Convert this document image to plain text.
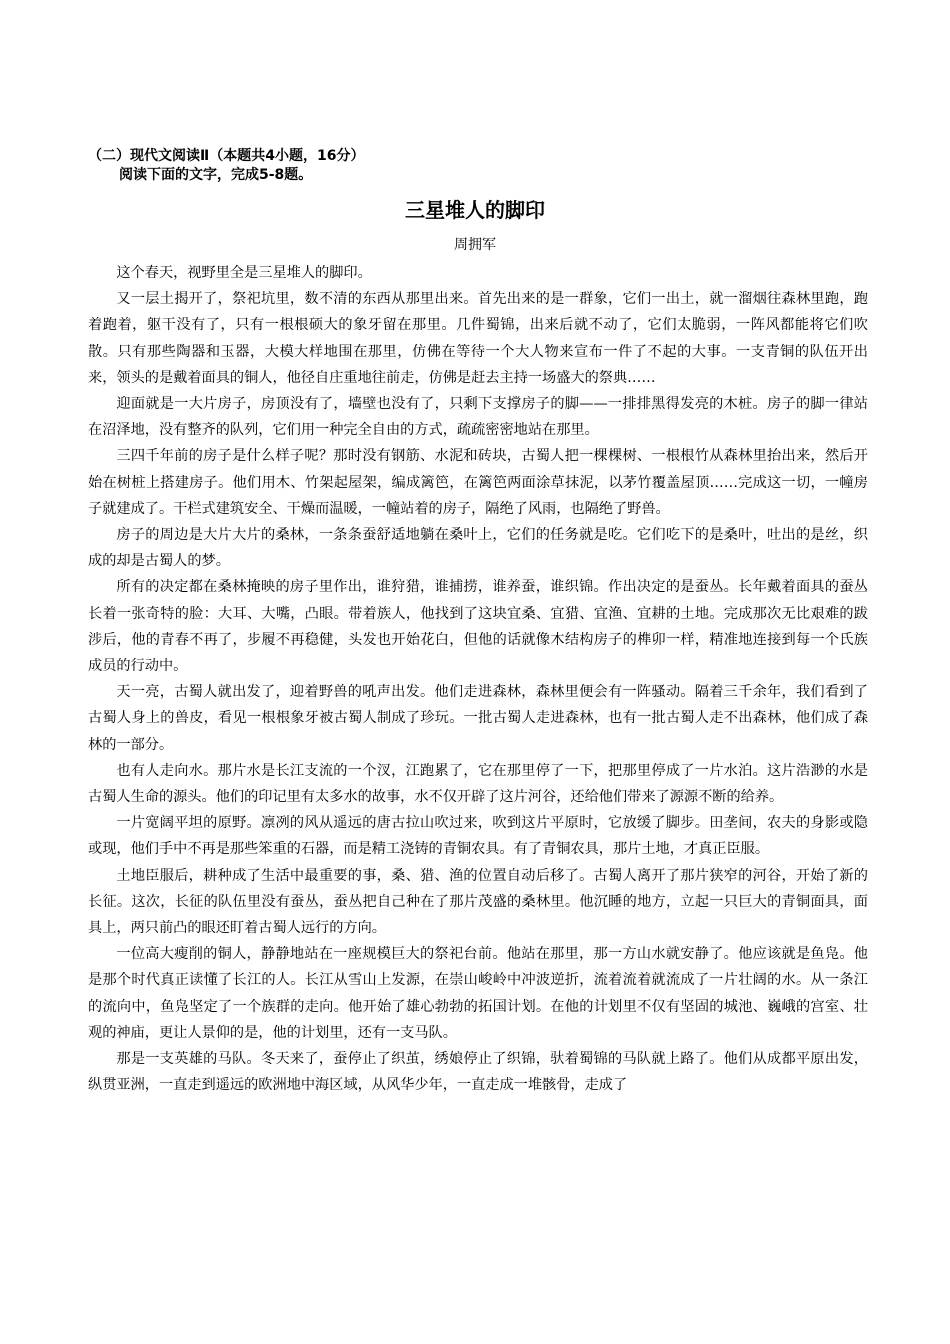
（二）现代文阅读Ⅱ（本题共4小题，16分）
阅读下面的文字，完成5-8题。
三星堆人的脚印
周拥军

这个春天，视野里全是三星堆人的脚印。

又一层土揭开了，祭祀坑里，数不清的东西从那里出来。首先出来的是一群象，它们一出土，就一溜烟往森林里跑，跑着跑着，躯干没有了，只有一根根硕大的象牙留在那里。几件蜀锦，出来后就不动了，它们太脆弱，一阵风都能将它们吹散。只有那些陶器和玉器，大模大样地围在那里，仿佛在等待一个大人物来宣布一件了不起的大事。一支青铜的队伍开出来，领头的是戴着面具的铜人，他径自庄重地往前走，仿佛是赶去主持一场盛大的祭典……

迎面就是一大片房子，房顶没有了，墙壁也没有了，只剩下支撑房子的脚——一排排黑得发亮的木桩。房子的脚一律站在沼泽地，没有整齐的队列，它们用一种完全自由的方式，疏疏密密地站在那里。

三四千年前的房子是什么样子呢？那时没有钢筋、水泥和砖块，古蜀人把一棵棵树、一根根竹从森林里抬出来，然后开始在树桩上搭建房子。他们用木、竹架起屋架，编成篱笆，在篱笆两面涂草抹泥，以茅竹覆盖屋顶……完成这一切，一幢房子就建成了。干栏式建筑安全、干燥而温暖，一幢站着的房子，隔绝了风雨，也隔绝了野兽。

房子的周边是大片大片的桑林，一条条蚕舒适地躺在桑叶上，它们的任务就是吃。它们吃下的是桑叶，吐出的是丝，织成的却是古蜀人的梦。

所有的决定都在桑林掩映的房子里作出，谁狩猎，谁捕捞，谁养蚕，谁织锦。作出决定的是蚕丛。长年戴着面具的蚕丛长着一张奇特的脸：大耳、大嘴，凸眼。带着族人，他找到了这块宜桑、宜猎、宜渔、宜耕的土地。完成那次无比艰难的跋涉后，他的青春不再了，步履不再稳健，头发也开始花白，但他的话就像木结构房子的榫卯一样，精准地连接到每一个氏族成员的行动中。

天一亮，古蜀人就出发了，迎着野兽的吼声出发。他们走进森林，森林里便会有一阵骚动。隔着三千余年，我们看到了古蜀人身上的兽皮，看见一根根象牙被古蜀人制成了珍玩。一批古蜀人走进森林，也有一批古蜀人走不出森林，他们成了森林的一部分。

也有人走向水。那片水是长江支流的一个汊，江跑累了，它在那里停了一下，把那里停成了一片水泊。这片浩渺的水是古蜀人生命的源头。他们的印记里有太多水的故事，水不仅开辟了这片河谷，还给他们带来了源源不断的给养。

一片宽阔平坦的原野。凛冽的风从遥远的唐古拉山吹过来，吹到这片平原时，它放缓了脚步。田垄间，农夫的身影或隐或现，他们手中不再是那些笨重的石器，而是精工浇铸的青铜农具。有了青铜农具，那片土地，才真正臣服。

土地臣服后，耕种成了生活中最重要的事，桑、猎、渔的位置自动后移了。古蜀人离开了那片狭窄的河谷，开始了新的长征。这次，长征的队伍里没有蚕丛，蚕丛把自己种在了那片茂盛的桑林里。他沉睡的地方，立起一只巨大的青铜面具，面具上，两只前凸的眼还盯着古蜀人远行的方向。

一位高大瘦削的铜人，静静地站在一座规模巨大的祭祀台前。他站在那里，那一方山水就安静了。他应该就是鱼凫。他是那个时代真正读懂了长江的人。长江从雪山上发源，在崇山峻岭中冲波逆折，流着流着就流成了一片壮阔的水。从一条江的流向中，鱼凫坚定了一个族群的走向。他开始了雄心勃勃的拓国计划。在他的计划里不仅有坚固的城池、巍峨的宫室、壮观的神庙，更让人景仰的是，他的计划里，还有一支马队。

那是一支英雄的马队。冬天来了，蚕停止了织茧，绣娘停止了织锦，驮着蜀锦的马队就上路了。他们从成都平原出发，纵贯亚洲，一直走到遥远的欧洲地中海区域，从风华少年，一直走成一堆骸骨，走成了
